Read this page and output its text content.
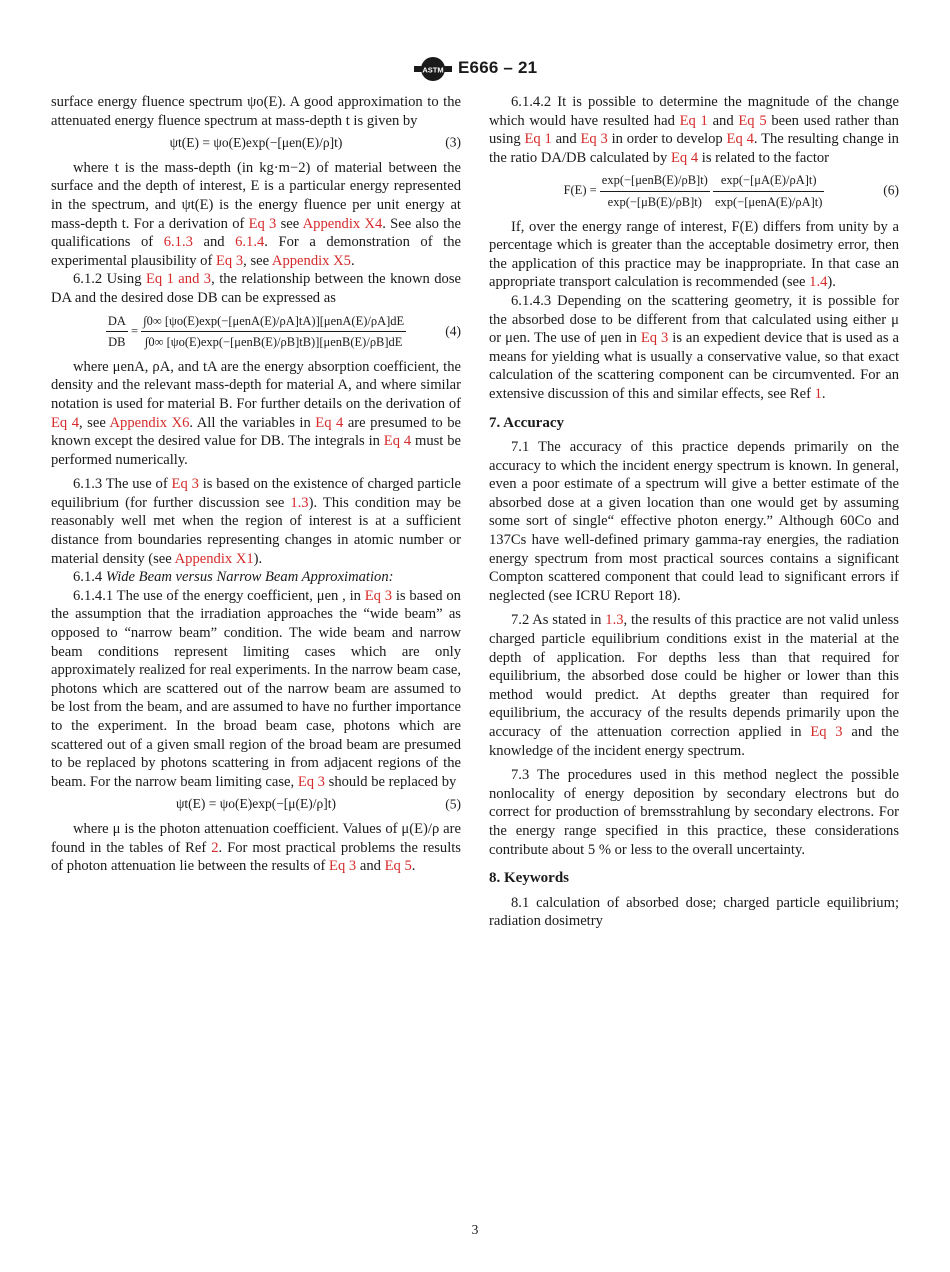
ASTM E666 – 21

surface energy fluence spectrum ψo(E). A good approximation to the attenuated energy fluence spectrum at mass-depth t is given by

ψt(E) = ψo(E)exp(−[μen(E)/ρ]t)	(3)

where t is the mass-depth (in kg·m−2) of material between the surface and the depth of interest, E is a particular energy represented in the spectrum, and ψt(E) is the energy fluence per unit energy at mass-depth t. For a derivation of Eq 3 see Appendix X4. See also the qualifications of 6.1.3 and 6.1.4. For a demonstration of the experimental plausibility of Eq 3, see Appendix X5.

6.1.2 Using Eq 1 and 3, the relationship between the known dose DA and the desired dose DB can be expressed as

$\frac{DA}{DB} = \frac{\text{∫0∞ [ψo(E)exp(−[μenA(E)/ρA]tA)][μenA(E)/ρA]dE}}{\text{∫0∞ [ψo(E)exp(−[μenB(E)/ρB]tB)][μenB(E)/ρB]dE}}$	(4)

where μenA, ρA, and tA are the energy absorption coefficient, the density and the relevant mass-depth for material A, and where similar notation is used for material B. For further details on the derivation of Eq 4, see Appendix X6. All the variables in Eq 4 are presumed to be known except the desired value for DB. The integrals in Eq 4 must be performed numerically.

6.1.3 The use of Eq 3 is based on the existence of charged particle equilibrium (for further discussion see 1.3). This condition may be reasonably well met when the region of interest is at a sufficient distance from boundaries representing changes in atomic number or material density (see Appendix X1).

6.1.4 Wide Beam versus Narrow Beam Approximation:

6.1.4.1 The use of the energy coefficient, μen , in Eq 3 is based on the assumption that the irradiation approaches the “wide beam” as opposed to “narrow beam” condition. The wide beam and narrow beam conditions represent limiting cases which are only approximately realized for real experiments. In the narrow beam case, photons which are scattered out of the narrow beam are assumed to be lost from the beam, and are assumed to have no further importance to the experiment. In the broad beam case, photons which are scattered out of a given small region of the broad beam are presumed to be replaced by photons scattering in from adjacent regions of the beam. For the narrow beam limiting case, Eq 3 should be replaced by

ψt(E) = ψo(E)exp(−[μ(E)/ρ]t)	(5)

where μ is the photon attenuation coefficient. Values of μ(E)/ρ are found in the tables of Ref 2. For most practical problems the results of photon attenuation lie between the results of Eq 3 and Eq 5.

6.1.4.2 It is possible to determine the magnitude of the change which would have resulted had Eq 1 and Eq 5 been used rather than using Eq 1 and Eq 3 in order to develop Eq 4. The resulting change in the ratio DA/DB calculated by Eq 4 is related to the factor

$F(E) = \frac{\text{exp(−[μenB(E)/ρB]t)}}{\exp(-[\mu B(E)/\rho B]t)}$
$\frac{\exp(-[\mu A(E)/\rho A]t)}{\text{exp(−[μenA(E)/ρA]t)}}$	(6)

If, over the energy range of interest, F(E) differs from unity by a percentage which is greater than the acceptable dosimetry error, then the application of this practice may be inappropriate. In that case an appropriate transport calculation is recommended (see 1.4).

6.1.4.3 Depending on the scattering geometry, it is possible for the absorbed dose to be different from that calculated using either μ or μen. The use of μen in Eq 3 is an expedient device that is used as a means for yielding what is usually a conservative value, so that exact calculation of the scattering component can be circumvented. For an extensive discussion of this and similar effects, see Ref 1.

7. Accuracy

7.1 The accuracy of this practice depends primarily on the accuracy to which the incident energy spectrum is known. In general, even a poor estimate of a spectrum will give a better estimate of the absorbed dose at a given location than one would get by assuming some sort of single“ effective photon energy.” Although 60Co and 137Cs have well-defined primary gamma-ray energies, the radiation energy spectrum from most practical sources contains a significant Compton scattered component that could lead to significant errors if neglected (see ICRU Report 18).

7.2 As stated in 1.3, the results of this practice are not valid unless charged particle equilibrium conditions exist in the material at the depth of application. For depths less than that required for equilibrium, the absorbed dose could be higher or lower than this method would predict. At depths greater than required for equilibrium, the accuracy of the results depends primarily upon the accuracy of the attenuation correction applied in Eq 3 and the knowledge of the incident energy spectrum.

7.3 The procedures used in this method neglect the possible nonlocality of energy deposition by secondary electrons but do correct for production of bremsstrahlung by secondary electrons. For the energy range specified in this practice, these considerations contribute about 5 % or less to the overall uncertainty.

8. Keywords

8.1 calculation of absorbed dose; charged particle equilibrium; radiation dosimetry

3
